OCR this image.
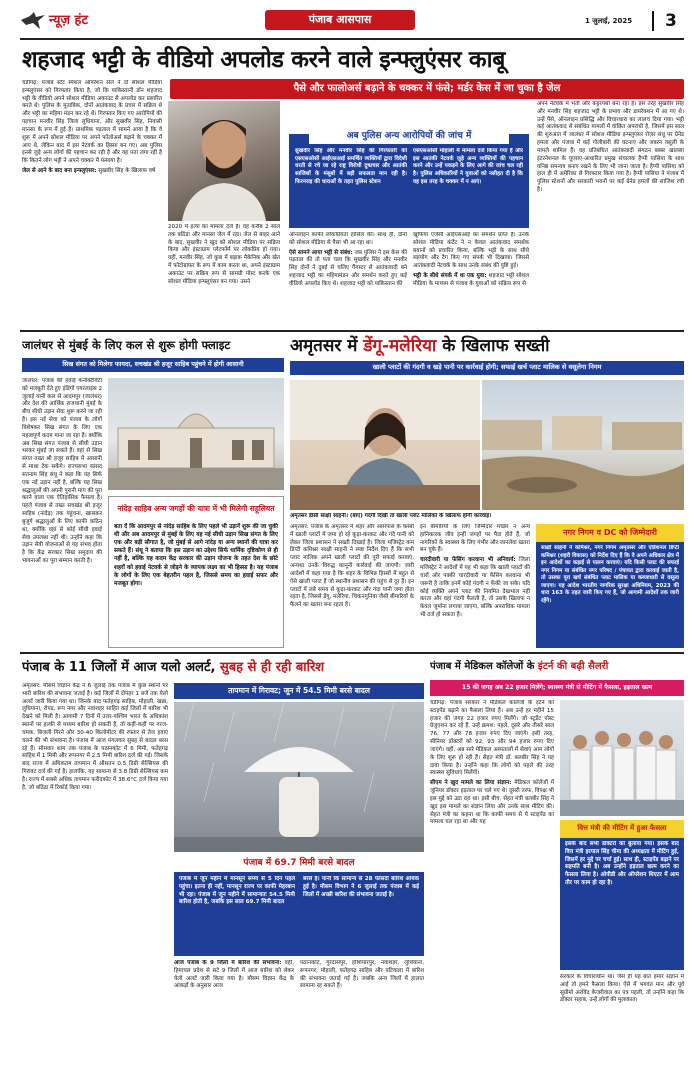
न्यूज़ हंट	पंजाब आसपास	1 जुलाई, 2025 3
शहजाद भट्टी के वीडियो अपलोड करने वाले इन्फ्लुएंसर काबू
पैसे और फालोअर्स बढ़ाने के चक्कर में फंसे; मर्डर केस में जा चुका है जेल

चंडीगढ़: पंजाब स्टेट स्पेशल ऑपरेशन सेल ने दो सोशल मीडिया इन्फ्लुएंसर को गिरफ्तार किया है, जो कि पाकिस्तानी डॉन शहजाद भट्टी के वीडियो अपने सोशल मीडिया अकाउंट से अपलोड कर प्रसारित करते थे। पुलिस के मुताबिक, दोनों आतंकवाद के प्रचार में सक्रिय थे और भट्टी का महिमा मंडन कर रहे थे। गिरफ्तार किए गए आरोपियों की पहचान मनवीर सिंह जिला लुधियाना, और सुखवीर सिंह, निवासी मानसा के रूप में हुई है। प्राथमिक पड़ताल में सामने आया है कि वे शुरू में अपने सोशल मीडिया पर अपने फॉलोअर्स बढ़ाने के चक्कर में आए थे, लेकिन बाद में इस नेटवर्क का हिस्सा बन गए। अब पुलिस इनसे जुड़े अन्य लोगों की पहचान कर रही है और यह पता लगा रही है कि कितने लोग भट्टी ने अपने चक्कर में फंसाया है।

जेल से आने के बाद बना इन्फ्लुएंसर: सुखवीर सिंह के खिलाफ वर्ष

2020 में हत्या का मामला दर्ज है। वह करीब 2 साल तक बठिंडा और मानसा जेल में रहा। जेल से बाहर आने के बाद, सुखवीर ने खुद को सोशल मीडिया पर सक्रिय किया और इंस्टाग्राम प्लेटफॉर्म पर लोकप्रिय हो गया। वहीं, मनवीर सिंह, जो कुछ में बढ़ाक मैकेनिक और खेत में फोटोग्राफर के रूप में काम करता था, अपने इंस्टाग्राम अकाउंट पर सक्रिय रूप से सामग्री पोस्ट करके एक सोशल मीडिया इन्फ्लुएंसर बन गया। उसने

अब पुलिस अन्य आरोपियों की जांच में
सुखवीर सिंह और मनवीर सिंह की गिरफ्तारी को एसएसओसी आईएसआई समर्थित व्यक्तियों द्वारा विदेशी धरती से रचे जा रहे राष्ट्र विरोधी दुष्प्रचार और आतंकी साजिशों के मंसूबों में बड़ी सफलता मान रही है। फिरनराइ की धाराओं के तहत पुलिस स्टेशन
एसएसओसी मोहाली में मामला दर्ज किया गया है और इस आतंकी नेटवर्क जुड़े अन्य व्यक्तियों की पहचान करने और उन्हें पकड़ने के लिए आगे की जांच चल रही है। पुलिस अधिकारियों ने युवाओं को नसीहत दी है कि वह इस तरह के चक्कर में न आएं।

ऑनलाइन काफी लोकप्रियता हासिल की। साथ ही, दोनों को सोशल मीडिया से पैसा भी आ रहा था।

ऐसे सामने आया भट्टी से संबंध: जब पुलिस ने इस केस की पड़ताल की तो पता चला कि सुखवीर सिंह और मनवीर सिंह दोनों ने दुबई से चलिए गैंगस्टर से आतंकवादी बने शहजाद भट्टी का महिमामंडन और समर्थन करते हुए कई वीडियो अपलोड किए थे। शहजाद भट्टी को पाकिस्तान की

खुफिया एजेंसी आईएसआई का समर्थन प्राप्त है। उनके सोशल मीडिया कंटेंट ने न केवल आतंकवाद समर्थक बयानों को प्रचारित किया, बल्कि भट्टी के साथ सीधे सहयोग और टैग किए गए संपर्क भी दिखाया। जिससे आतंकवादी नेटवर्क के साथ उनके संबंध की पुष्टि हुई।

भट्टी के सीधे संपर्क में था एक युवा: शहजाद भट्टी सोशल मीडिया के माध्यम से पंजाब के युवाओं को सक्रिय रूप से

अपने नेटवर्क में भर्ती और कट्टरपंथी बना रहा है। इस तरह सुखवीर सिंह और मनवीर सिंह शहजाद भट्टी के प्रभाव और डायरेक्शन में आ गए थे। उन्हें पैसे, ऑनलाइन प्रसिद्धि और विचारधारा का लालच दिया गया। भट्टी कई आतंकवाद से संबंधित मामलों में वांछित अपराधी है, जिसमें इस साल की शुरुआत में जालंधर में सोशल मीडिया इन्फ्लुएंसर रोज़र संधू पर ग्रेनेड हमला और पंजाब में कई गोलीबारी की घटनाएं और जबरन वसूली के मामले शामिल हैं। वह प्रतिबंधित आतंकवादी संगठन बब्बर खालसा इंटरनेशनल के यूएसए-आधारित प्रमुख संचालक हैप्पी पासिया के साथ घनिष्ठ समन्वय बनाए रखने के लिए भी जाना जाता है। हैप्पी पासिया को हाल ही में अमेरिका से गिरफ्तार किया गया है। हैप्पी पासिया ने पंजाब में पुलिस स्टेशनों और सरकारी भवनों पर कई ग्रेनेड हमलों की साजिश रची है।

जालंधर से मुंबई के लिए कल से शुरू होगी फ्लाइट
सिख संगत को मिलेगा फायदा, सचखंड श्री हजूर साहिब पहुंचने में होगी आसानी

जालंधर: पंजाब की हवाई कनेक्टिविटी को मजबूती देते हुए इंडिगो एयरलाइंस 2 जुलाई यानी कल से आदमपुर (जालंधर) और देश की आर्थिक राजधानी मुंबई के बीच सीधी उड़ान सेवा शुरू करने जा रही है। इस नई सेवा को पंजाब के लोगों विशेषकर सिख संगत के लिए एक महत्वपूर्ण कदम माना जा रहा है। क्योंकि अब सिख संगत पंजाब से सीधी उड़ान भरकर मुंबई जा सकते हैं। वहां से सिख संगत तख्त श्री हजूर साहिब में आसानी से माथा टेक सकेंगे। राज्यसभा सांसद सतनाम सिंह संधू ने कहा कि यह सिर्फ एक नई उड़ान नहीं है, बल्कि यह सिख श्रद्धालुओं की अपनी पुरानी मांग की पूरा करने वाला एक ऐतिहासिक फैसला है। पहले पंजाब से तख्त सचखंड श्री हजूर साहिब (नांदेड़) तक पहुंचना, खासकर बुजुर्ग श्रद्धालुओं के लिए काफी कठिन था, क्योंकि वहां से कोई सीधी हवाई सेवा उपलब्ध नहीं थी। उन्होंने कहा कि उड़ान सेवी योजनाओं से यह संभव होता है कि केंद्र सरकार सिख समुदाय की भावनाओं का पूरा सम्मान करती है।

नांदेड़ साहिब अन्य जगहों की यात्रा में भी मिलेगी सहूलियत
बता दें कि आदमपुर से नांदेड़ साहिब के लिए पहले भी उड़ानें शुरू की जा चुकी थी और अब आदमपुर से मुंबई के लिए यह नई सीधी उड़ान सिख संगत के लिए एक और बड़ी सौगात है, जो मुंबई से आगे नांदेड़ या अन्य स्थानों की यात्रा कर सकते हैं। संधू ने बताया कि इस उड़ान का उद्देश्य सिर्फ धार्मिक दृष्टिकोण से ही नहीं है, बल्कि यह कदम केंद्र सरकार की उड़ान योजना के तहत देश के छोटे शहरों को हवाई नेटवर्क से जोड़ने के व्यापक लक्ष्य का भी हिस्सा है। यह पंजाब के लोगों के लिए एक बेहतरीन पहल है, जिससे समय का हवाई सफर और मजबूत होगा।
अमृतसर में डेंगू-मलेरिया के खिलाफ सख्ती
खाली प्लाटों की गंदगी व खड़े पानी पर कार्रवाई होगी; सफाई खर्च प्लाट मालिक से वसूलेगा निगम
अमृतसर डीसी साक्षी साहनी। (बाएं) गंदगी दिखी तो खाली प्लॉट मालिकों के खिलाफ होगी कार्रवाई।

अमृतसर: पंजाब के अमृतसर में शहर और आसपास के कस्बों में खाली प्लाटों में जमा हो रहे कूड़ा-करकट और गंदे पानी को लेकर जिला प्रशासन ने सख्ती दिखाई है। जिला मजिस्ट्रेट कम डिप्टी कमिश्नर साक्षी साहनी ने स्पष्ट निर्देश दिए हैं कि सभी प्लाट मालिक अपने खाली प्लाटों की पूरी सफाई करवाएं, अन्यथा उनके विरुद्ध कानूनी कार्रवाई की जाएगी। जारी आदेशों में कहा गया है कि शहर के विभिन्न हिस्सों में बहुत से ऐसे खाली प्लाट हैं जो स्थानीय प्रशासन की पहुंच से दूर हैं। इन प्लाटों में लंबे समय से कूड़ा-करकट और गंदा पानी जमा होता रहता है, जिससे डेंगू, मलेरिया, चिकनगुनिया जैसी बीमारियों के फैलने का खतरा बना रहता है।

इन बीमारियों के लिए जिम्मेदार मच्छर न अन्य हानिकारक जीव इन्हीं जगहों पर पैदा होते हैं, जो नागरिकों के स्वास्थ्य के लिए गंभीर और जानलेवा खतरा बन चुके हैं।

चारदीवारी या फेंसिंग करवाना भी अनिवार्य: जिला मजिस्ट्रेट ने आदेशों में यह भी कहा कि खाली प्लाटों की चारों ओर पक्की चारदीवारी या फेंसिंग करवाना भी जरूरी है ताकि इनमें कोई गंदगी न फेंकी जा सके। यदि कोई व्यक्ति अपने प्लाट की नियमित देखभाल नहीं करता और वहां गंदगी फैलती है, तो उसके खिलाफ न केवल जुर्माना लगाया जाएगा, बल्कि अपराधिक मामला भी दर्ज हो सकता है।

नगर निगम व DC को जिम्मेदारी
साक्षी साहनी ने कमिश्नर, नगर निगम अमृतसर और एडिशनल डिप्टी कमिश्नर (शहरी विकास) को निर्देश दिए हैं कि वे अपने अधिकार क्षेत्र में इन आदेशों का कड़ाई से पालन करवाएं। यदि किसी प्लाट की सफाई नगर निगम या संबंधित नगर परिषद / पंचायत द्वारा करवाई जाती है, तो उसका पूरा खर्च संबंधित प्लाट मालिक या कब्जाधारी से वसूला जाएगा। यह आदेश भारतीय नागरिक सुरक्षा अधिनियम, 2023 की धारा 163 के तहत जारी किए गए हैं, जो आगामी आदेशों तक जारी रहेंगे।
पंजाब के 11 जिलों में आज यलो अलर्ट, सुबह से ही रही बारिश

अमृतसर: मौसम विज्ञान केंद्र ने 6 जुलाई तक पंजाब में कुछ स्थानों पर भारी बारिश की संभावना जताई है। कई जिलों में दोपहर 1 बजे तक येलो अलर्ट जारी किया गया था। जिनके बाद फतेहगढ़ साहिब, मोहाली, खन्ना, लुधियाना, रोपड़, रूप नगर और नवांशहर साहित कई जिलों में बारिश भी देखने को मिली है। आगामी 7 दिनों में उत्तर-पश्चिम भारत के अधिकांश स्थानों पर हल्की से मध्यम बारिश हो सकती है, तो कहीं-कहीं पर गरज-चमक, बिजली गिरने और 30-40 किलोमीटर की रफ्तार से तेज हवाएं चलने की भी संभावना है। पंजाब में आज मंगलवार सुबह से बादल बरस रहे हैं। सोमवार शाम तक पंजाब के पठानकोट में 6 मिमी, फतेहगढ़ साहिब में 1 मिमी और रूपनगर में 2.5 मिमी बारिश दर्ज की गई। जिसके बाद राज्य में अधिकतम तापमान में औसतन 0.5 डिग्री सेल्सियस की गिरावट दर्ज की गई है। हालांकि, यह सामान्य से 3.8 डिग्री सेल्सियस कम है। राज्य में सबसे अधिक तापमान फरीदकोट में 38.6°C दर्ज किया गया है, जो बठिंडा में रिकॉर्ड किया गया।

तापमान में गिरावट; जून में 54.5 मिमी बरसे बादल
पंजाब में 69.7 मिमी बरसे बादल
पंजाब में जून महीने में मानसून समय से 5 दिन पहले पहुंचा। इतना ही नहीं, मानसून राज्य पर काफी मेहरबान भी रहा। पंजाब में जून महीने में सामान्यतः 54.5 मिमी बारिश होती है, जबकि इस साल 69.7 मिमी बादल
बरसे हैं। यानी कि सामान्य से 28 फीसदी बारिश अधिक हुई है। मौसम विभाग ने 6 जुलाई तक पंजाब में कई जिलों में अच्छी बारिश की संभावना जताई है।

आज पंजाब के 9 जिलों में बारिश की संभावना: वहीं, हिमाचल प्रदेश से सटे 9 जिलों में आज बारिश को लेकर येलो अलर्ट जारी किया गया है। मौसम विज्ञान केंद्र के आंकड़ों के अनुसार आज

पठानकोट, गुरदासपुर, होशियारपुर, नवांशहर, लुधियाना, रूपनगर, मोहाली, फतेहगढ़ साहिब और पटियाला में बारिश की संभावना जताई गई है। जबकि अन्य जिलों में हालात सामान्य रह सकते हैं।

पंजाब में मेडिकल कॉलेजों के इंटर्न की बढ़ी सैलरी
15 की जगह अब 22 हजार मिलेंगे; स्वास्थ्य मंत्री से मीटिंग में फैसला, हड़ताल खत्म

चंडीगढ़: पंजाब सरकार ने मेडिकल कॉलेजों के इंटर्न का स्टाइपेंड बढ़ाने का फैसला लिया है। अब उन्हें हर महीने 15 हजार की जगह 22 हजार रुपए मिलेंगे। जो स्ट्रडेंट पोस्ट ग्रेजुएशन कर रहे हैं, उन्हें क्रमश: पहले, दूसरे और तीसरे साल 76, 77 और 78 हजार रुपए दिए जाएंगे। इसी तरह, सीनियर डॉक्टरों को 92, 93 और 94 हजार रुपए दिए जाएंगे। वहीं, अब सारे मेडिकल अस्पतालों में सेवाएं आम लोगों के लिए शुरू हो रही हैं। सेहत मंत्री डॉ. बलबीर सिंह ने यह दावा किया है। उन्होंने कहा कि लोगों को पहले की तरह स्वास्थ्य सुविधाएं मिलेंगी।

सीएम ने खुद मामले का लिया संज्ञान: मेडिकल कॉलेजों में जूनियर डॉक्टर हड़ताल पर चले गए थे। दूसरी तरफ, विपक्ष भी इस मुद्दे को उठा रहा था। इसी बीच, सेहत मंत्री बलबीर सिंह ने खुद इस मामले का संज्ञान लिया और उनके साथ मीटिंग की। सेहत मंत्री का कहना था कि काफी समय से ये स्टाइपेंड का मामला चल रहा था और यह

वित्त मंत्री की मीटिंग में हुआ फैसला
इसके बाद सभी डॉक्टरों को बुलाया गया। इसके बाद वित्त मंत्री हरपाल सिंह चीमा की अध्यक्षता में मीटिंग हुई, जिसमें हर मुद्दे पर चर्चा हुई। साथ ही, स्टाइपेंड बढ़ाने पर सहमति बनी है। अब उन्होंने हड़ताल खत्म करने का फैसला लिया है। ओपीडी और ऑपरेशन थिएटर में आम तौर पर काम हो रहा है।

सरकार के विचाराधीन था। जैसे ही यह बात हमारे संज्ञान में आई तो हमने फैसला किया। ऐसे में भगवंत मान और पूर्व सुप्रीमो अरविंद केजरीवाल का पत्र पहली, तो उन्होंने कहा कि डॉक्टर सहाब, उन्हें लोगों की मुलाकात।
